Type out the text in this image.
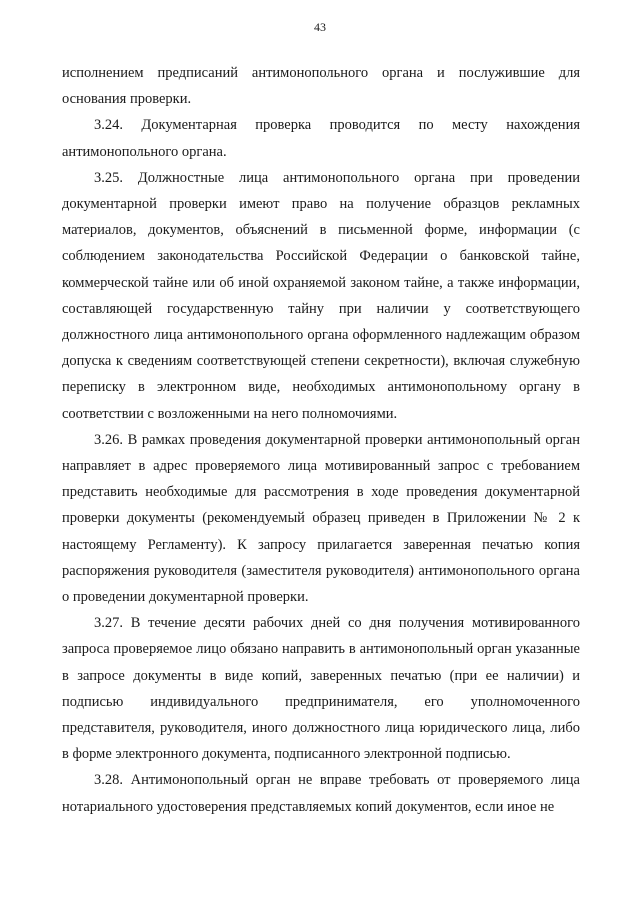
43

исполнением предписаний антимонопольного органа и послужившие для основания проверки.

3.24. Документарная проверка проводится по месту нахождения антимонопольного органа.

3.25. Должностные лица антимонопольного органа при проведении документарной проверки имеют право на получение образцов рекламных материалов, документов, объяснений в письменной форме, информации (с соблюдением законодательства Российской Федерации о банковской тайне, коммерческой тайне или об иной охраняемой законом тайне, а также информации, составляющей государственную тайну при наличии у соответствующего должностного лица антимонопольного органа оформленного надлежащим образом допуска к сведениям соответствующей степени секретности), включая служебную переписку в электронном виде, необходимых антимонопольному органу в соответствии с возложенными на него полномочиями.

3.26. В рамках проведения документарной проверки антимонопольный орган направляет в адрес проверяемого лица мотивированный запрос с требованием представить необходимые для рассмотрения в ходе проведения документарной проверки документы (рекомендуемый образец приведен в Приложении № 2 к настоящему Регламенту). К запросу прилагается заверенная печатью копия распоряжения руководителя (заместителя руководителя) антимонопольного органа о проведении документарной проверки.

3.27. В течение десяти рабочих дней со дня получения мотивированного запроса проверяемое лицо обязано направить в антимонопольный орган указанные в запросе документы в виде копий, заверенных печатью (при ее наличии) и подписью индивидуального предпринимателя, его уполномоченного представителя, руководителя, иного должностного лица юридического лица, либо в форме электронного документа, подписанного электронной подписью.

3.28. Антимонопольный орган не вправе требовать от проверяемого лица нотариального удостоверения представляемых копий документов, если иное не
